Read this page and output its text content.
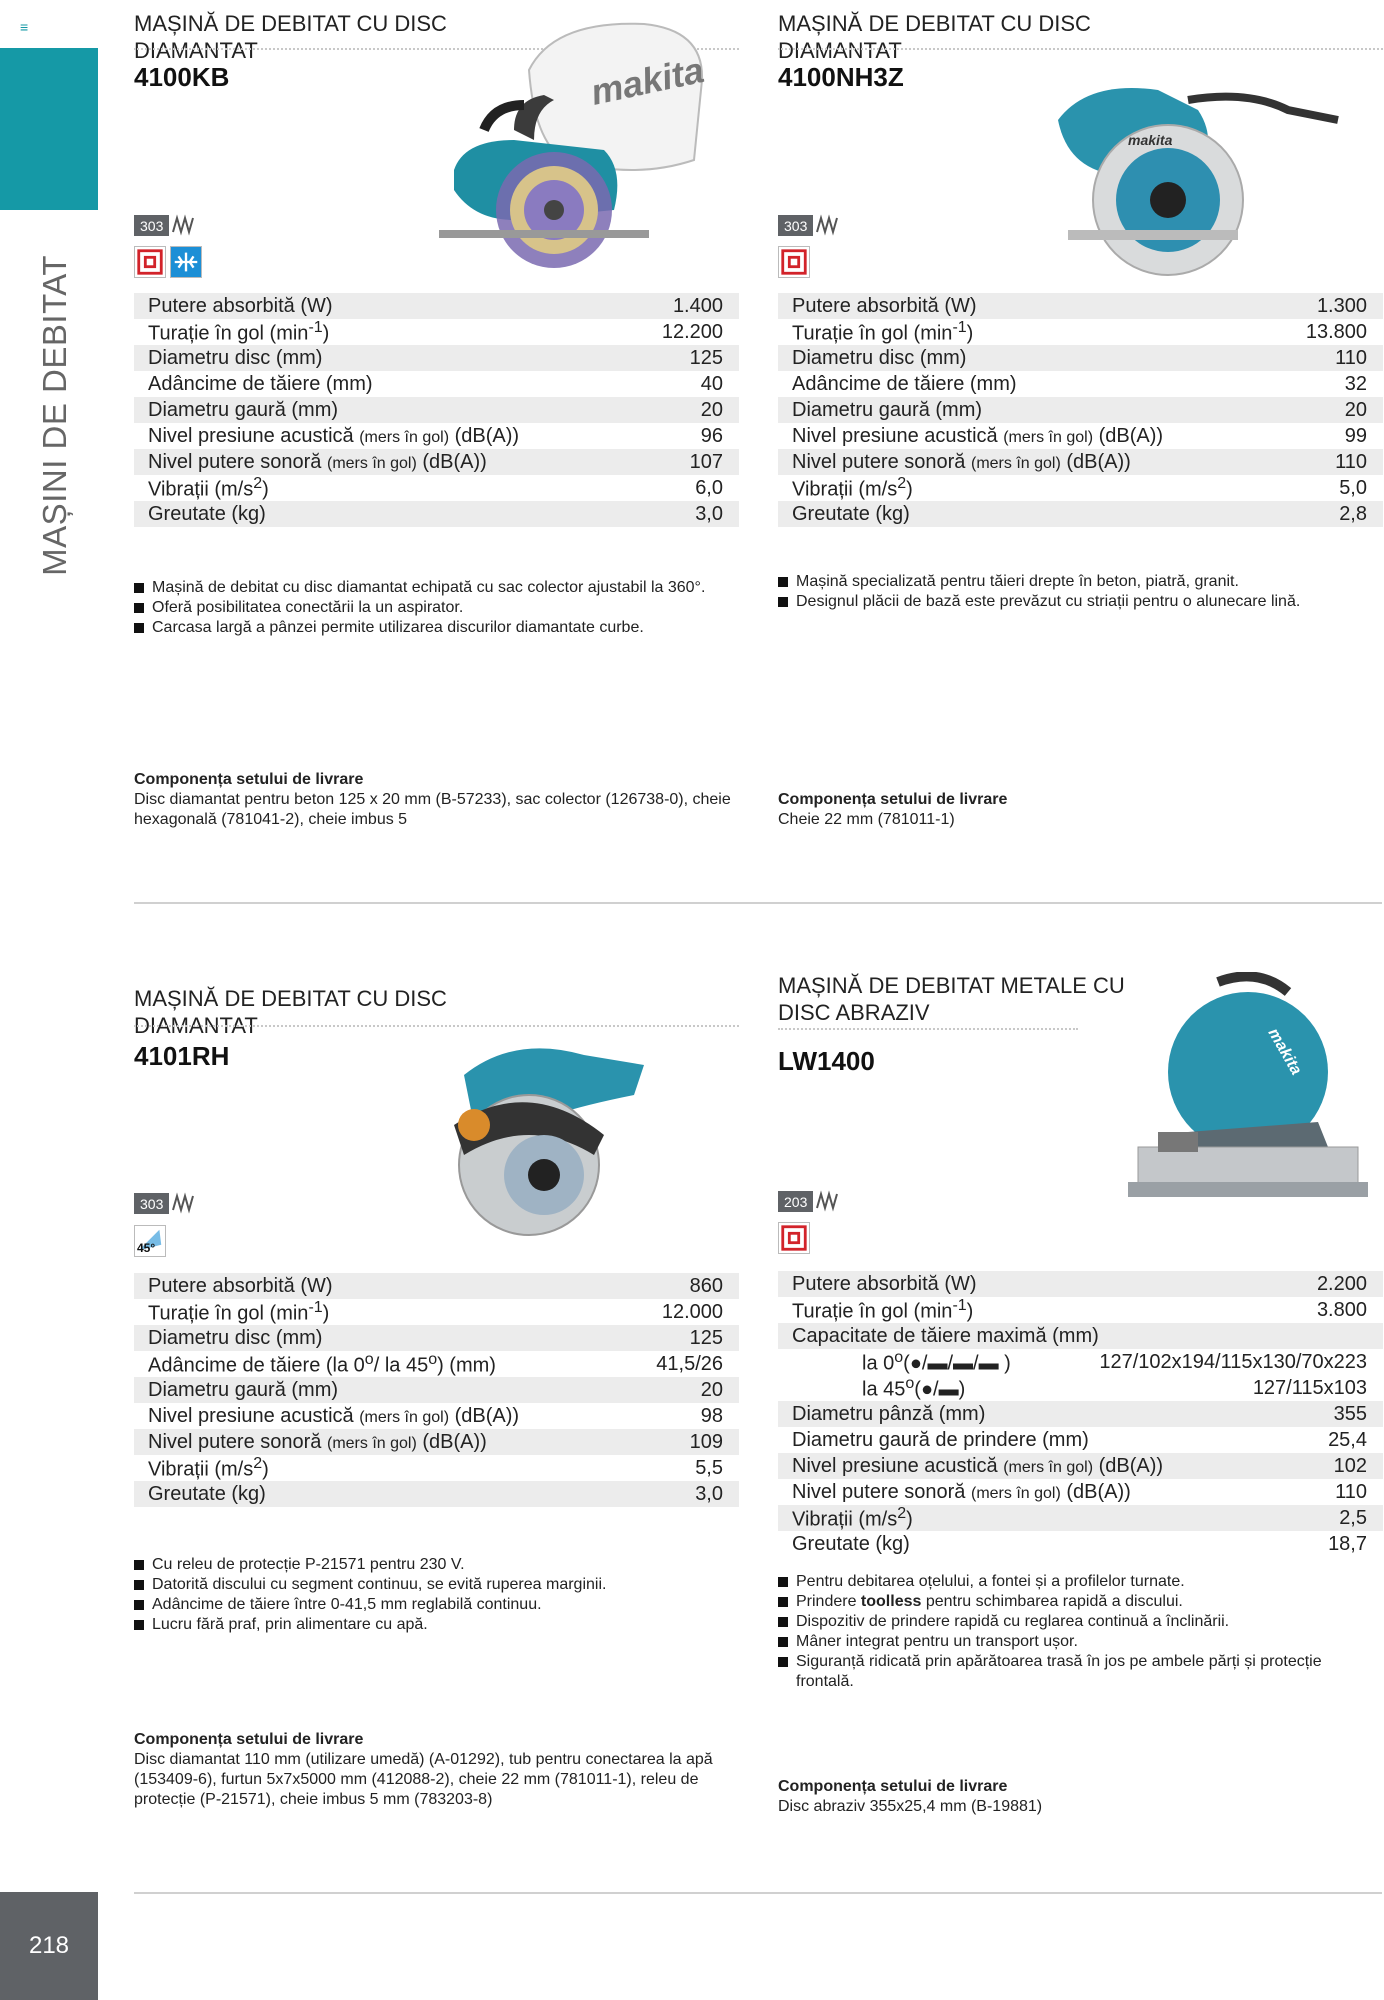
≡
MAȘINI DE DEBITAT
218
MAȘINĂ DE DEBITAT CU DISC DIAMANTAT
4100KB	makita
303
Putere absorbită (W)	1.400
Turație în gol $(\min^{-1})$	12.200
Diametru disc (mm)	125
Adâncime de tăiere (mm)	40
Diametru gaură (mm)	20
Nivel presiune acustică (mers în gol) (dB(A))	96
Nivel putere sonoră (mers în gol) (dB(A))	107
Vibrații $(m/s^2)$	6,0
Greutate (kg)	3,0
Mașină de debitat cu disc diamantat echipată cu sac colector ajustabil la 360°.
Oferă posibilitatea conectării la un aspirator.
Carcasa largă a pânzei permite utilizarea discurilor diamantate curbe.
Componența setului de livrare
Disc diamantat pentru beton 125 x 20 mm (B-57233), sac colector (126738-0), cheie hexagonală (781041-2), cheie imbus 5
MAȘINĂ DE DEBITAT CU DISC DIAMANTAT
4100NH3Z
makita
303
Putere absorbită (W)	1.300
Turație în gol $(\min^{-1})$	13.800
Diametru disc (mm)	110
Adâncime de tăiere (mm)	32
Diametru gaură (mm)	20
Nivel presiune acustică (mers în gol) (dB(A))	99
Nivel putere sonoră (mers în gol) (dB(A))	110
Vibrații $(m/s^2)$	5,0
Greutate (kg)	2,8
Mașină specializată pentru tăieri drepte în beton, piatră, granit.
Designul plăcii de bază este prevăzut cu striații pentru o alunecare lină.
Componența setului de livrare
Cheie 22 mm (781011-1)
MAȘINĂ DE DEBITAT CU DISC DIAMANTAT
4101RH
303
45°
Putere absorbită (W)	860
Turație în gol $(\min^{-1})$	12.000
Diametru disc (mm)	125
Adâncime de tăiere (la 0$^o$/ la 45$^o$) (mm)	41,5/26
Diametru gaură (mm)	20
Nivel presiune acustică (mers în gol) (dB(A))	98
Nivel putere sonoră (mers în gol) (dB(A))	109
Vibrații $(m/s^2)$	5,5
Greutate (kg)	3,0
Cu releu de protecție P-21571 pentru 230 V.
Datorită discului cu segment continuu, se evită ruperea marginii.
Adâncime de tăiere între 0-41,5 mm reglabilă continuu.
Lucru fără praf, prin alimentare cu apă.
Componența setului de livrare
Disc diamantat 110 mm (utilizare umedă) (A-01292), tub pentru conectarea la apă (153409-6), furtun 5x7x5000 mm (412088-2), cheie 22 mm (781011-1), releu de protecție (P-21571), cheie imbus 5 mm (783203-8)
MAȘINĂ DE DEBITAT METALE CU DISC ABRAZIV
LW1400	makita
203
Putere absorbită (W)	2.200
Turație în gol $(\min^{-1})$	3.800
Capacitate de tăiere maximă (mm)
la 0$^o$(●/▬/▬/▬ )	127/102x194/115x130/70x223
la 45$^o$(●/▬)	127/115x103
Diametru pânză (mm)	355
Diametru gaură de prindere (mm)	25,4
Nivel presiune acustică (mers în gol) (dB(A))	102
Nivel putere sonoră (mers în gol) (dB(A))	110
Vibrații $(m/s^2)$	2,5
Greutate (kg)	18,7
Pentru debitarea oțelului, a fontei și a profilelor turnate.
Prindere toolless pentru schimbarea rapidă a discului.
Dispozitiv de prindere rapidă cu reglarea continuă a înclinării.
Mâner integrat pentru un transport ușor.
Siguranță ridicată prin apărătoarea trasă în jos pe ambele părți și protecție frontală.
Componența setului de livrare
Disc abraziv 355x25,4 mm (B-19881)
